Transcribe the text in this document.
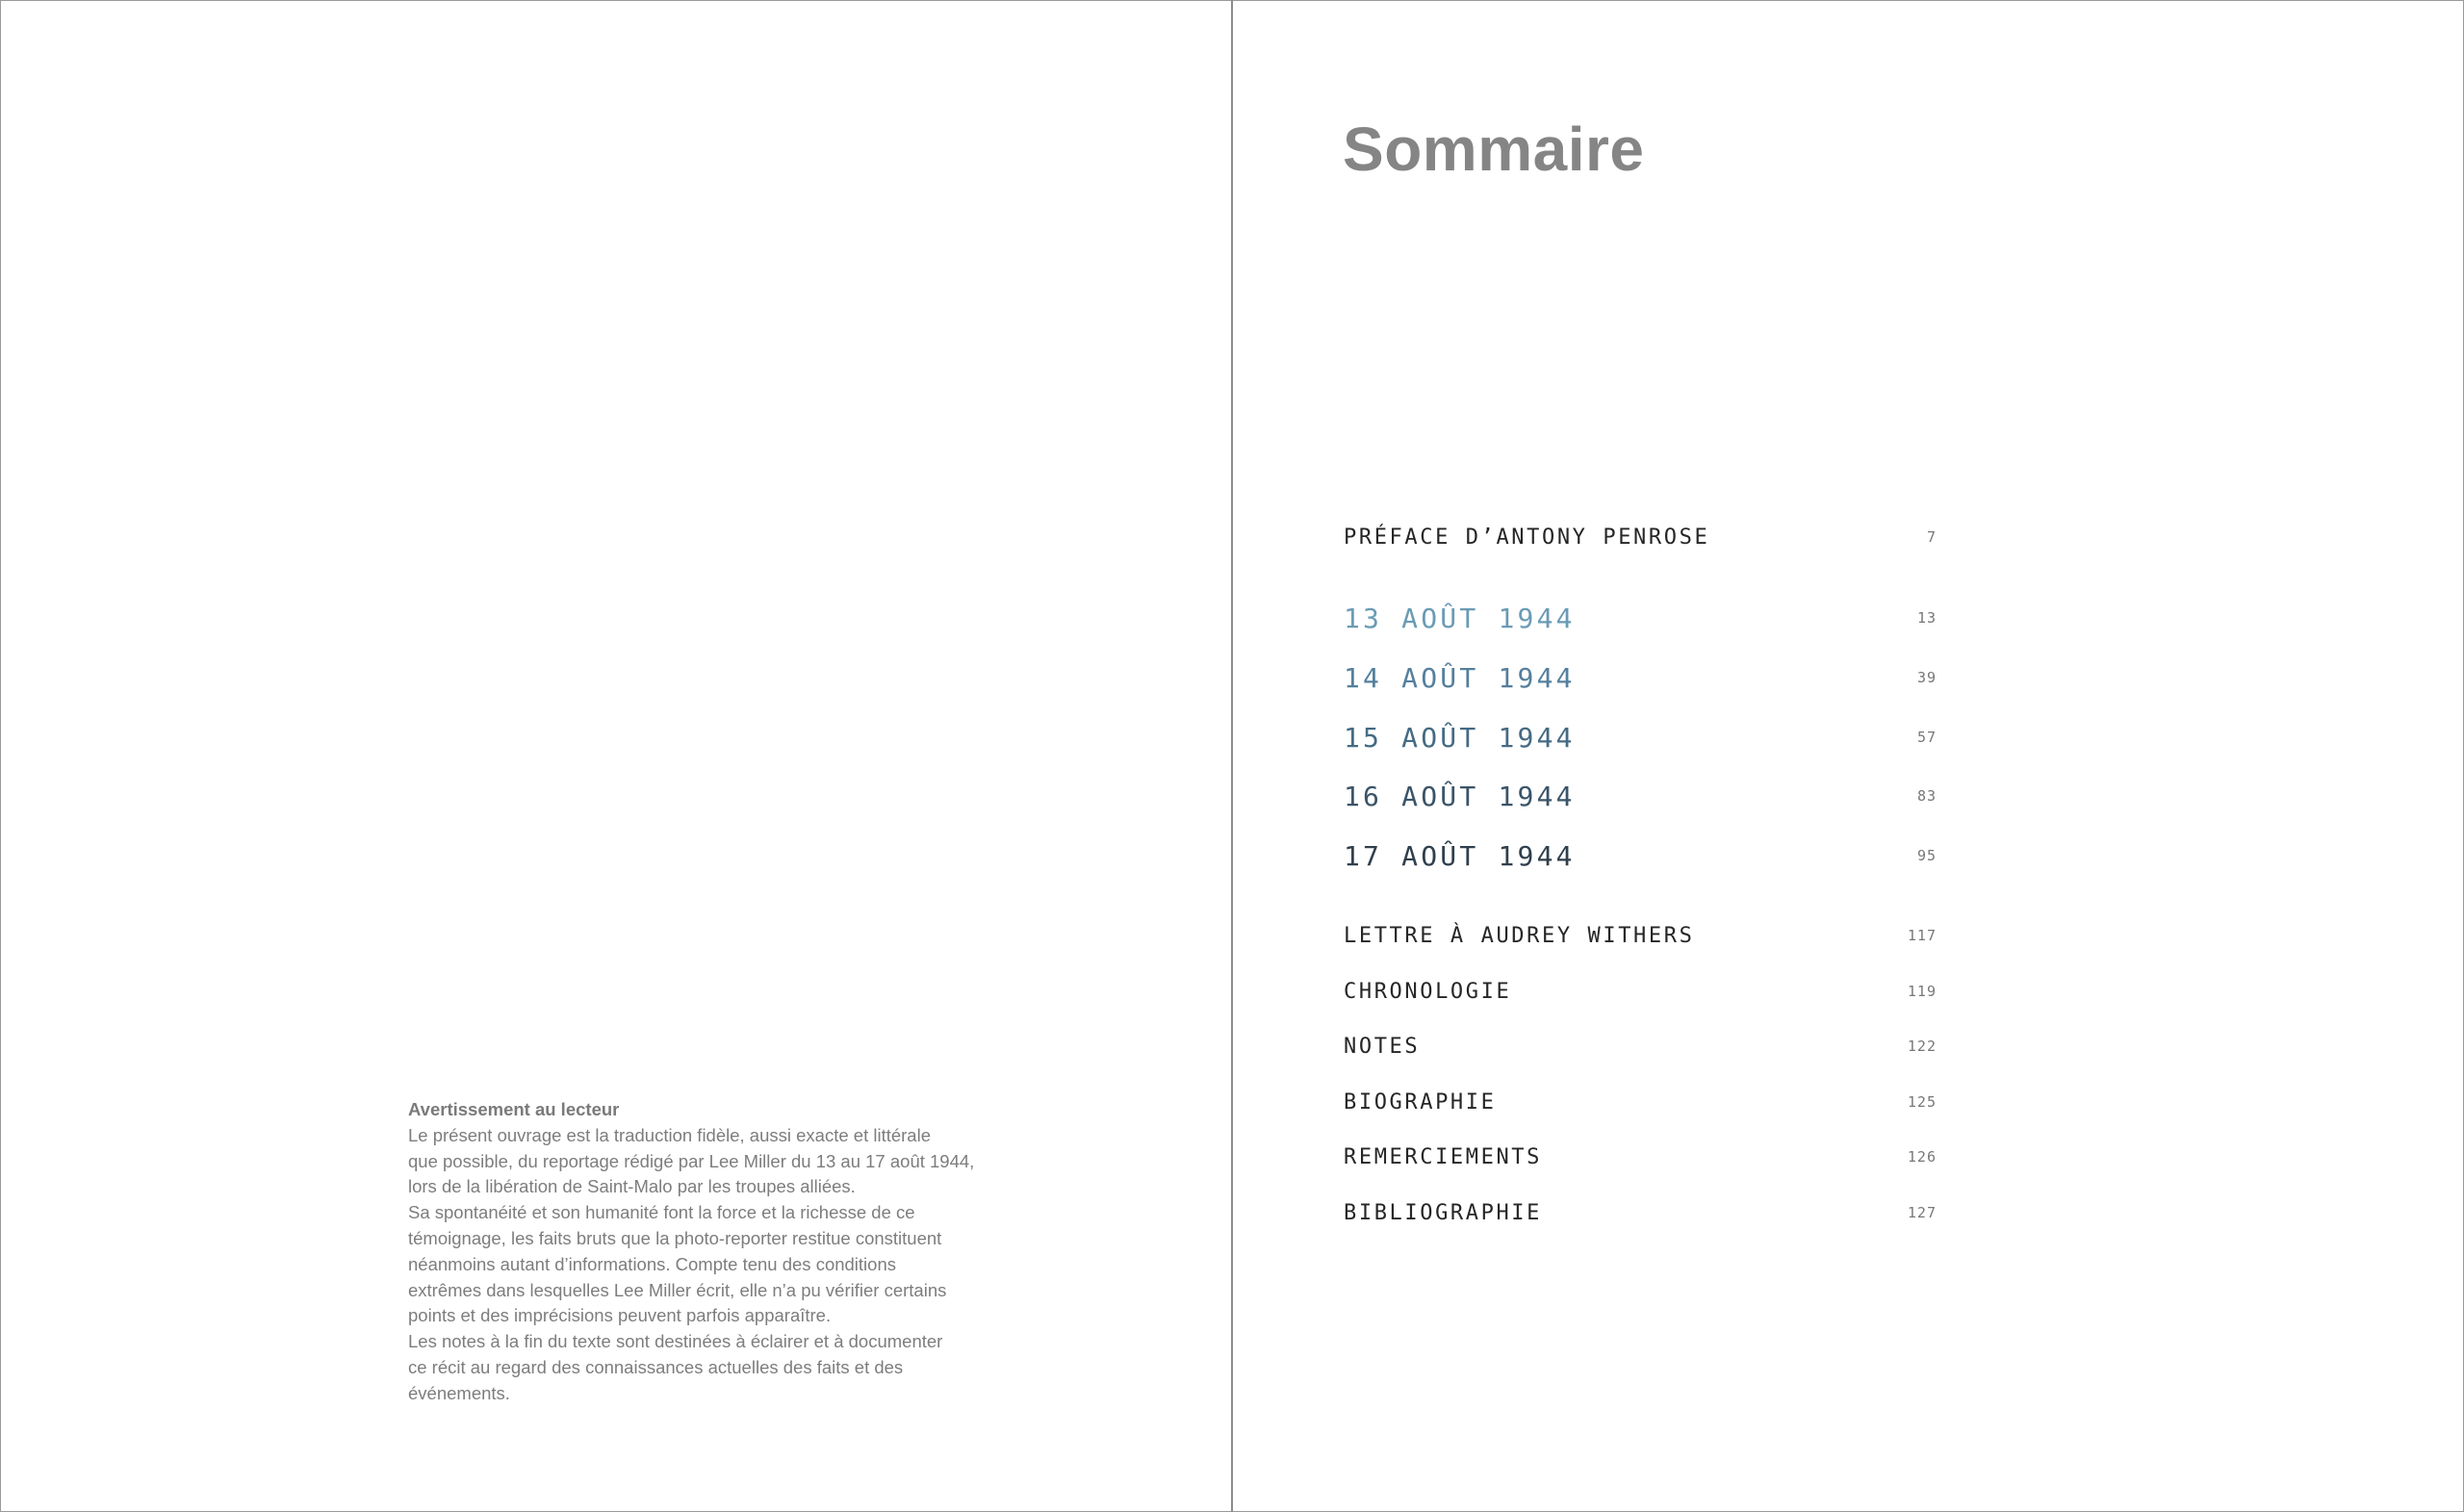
Avertissement au lecteur
Le présent ouvrage est la traduction fidèle, aussi exacte et littérale
que possible, du reportage rédigé par Lee Miller du 13 au 17 août 1944,
lors de la libération de Saint-Malo par les troupes alliées.
Sa spontanéité et son humanité font la force et la richesse de ce
témoignage, les faits bruts que la photo-reporter restitue constituent
néanmoins autant d’informations. Compte tenu des conditions
extrêmes dans lesquelles Lee Miller écrit, elle n’a pu vérifier certains
points et des imprécisions peuvent parfois apparaître.
Les notes à la fin du texte sont destinées à éclairer et à documenter
ce récit au regard des connaissances actuelles des faits et des
événements.
Sommaire
PRÉFACE D’ANTONY PENROSE	7
13 AOÛT 1944	13
14 AOÛT 1944	39
15 AOÛT 1944	57
16 AOÛT 1944	83
17 AOÛT 1944	95
LETTRE À AUDREY WITHERS	117
CHRONOLOGIE	119
NOTES	122
BIOGRAPHIE	125
REMERCIEMENTS	126
BIBLIOGRAPHIE	127
